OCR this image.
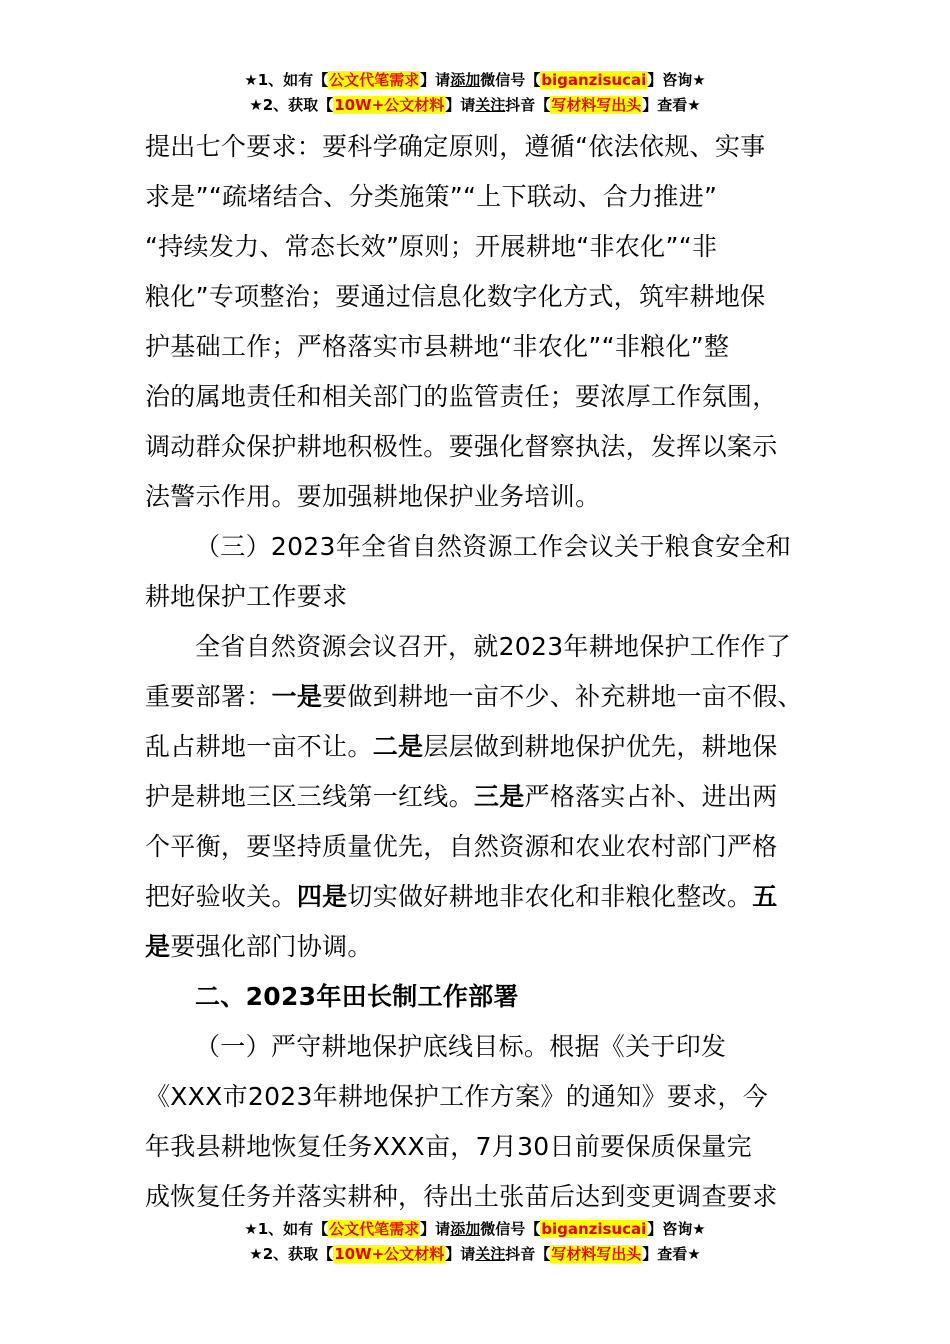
★1、如有【公文代笔需求】请添加微信号【biganzisucai】咨询★
★2、获取【10W+公文材料】请关注抖音【写材料写出头】查看★

提出七个要求：要科学确定原则，遵循“依法依规、实事

求是”“疏堵结合、分类施策”“上下联动、合力推进”

“持续发力、常态长效”原则；开展耕地“非农化”“非

粮化”专项整治；要通过信息化数字化方式，筑牢耕地保

护基础工作；严格落实市县耕地“非农化”“非粮化”整

治的属地责任和相关部门的监管责任；要浓厚工作氛围，

调动群众保护耕地积极性。要强化督察执法，发挥以案示

法警示作用。要加强耕地保护业务培训。

（三）2023年全省自然资源工作会议关于粮食安全和

耕地保护工作要求

全省自然资源会议召开，就2023年耕地保护工作作了

重要部署：一是要做到耕地一亩不少、补充耕地一亩不假、

乱占耕地一亩不让。二是层层做到耕地保护优先，耕地保

护是耕地三区三线第一红线。三是严格落实占补、进出两

个平衡，要坚持质量优先，自然资源和农业农村部门严格

把好验收关。四是切实做好耕地非农化和非粮化整改。五

是要强化部门协调。

二、2023年田长制工作部署

（一）严守耕地保护底线目标。根据《关于印发

《XXX市2023年耕地保护工作方案》的通知》要求，今

年我县耕地恢复任务XXX亩，7月30日前要保质保量完

成恢复任务并落实耕种，待出土张苗后达到变更调查要求

★1、如有【公文代笔需求】请添加微信号【biganzisucai】咨询★
★2、获取【10W+公文材料】请关注抖音【写材料写出头】查看★
